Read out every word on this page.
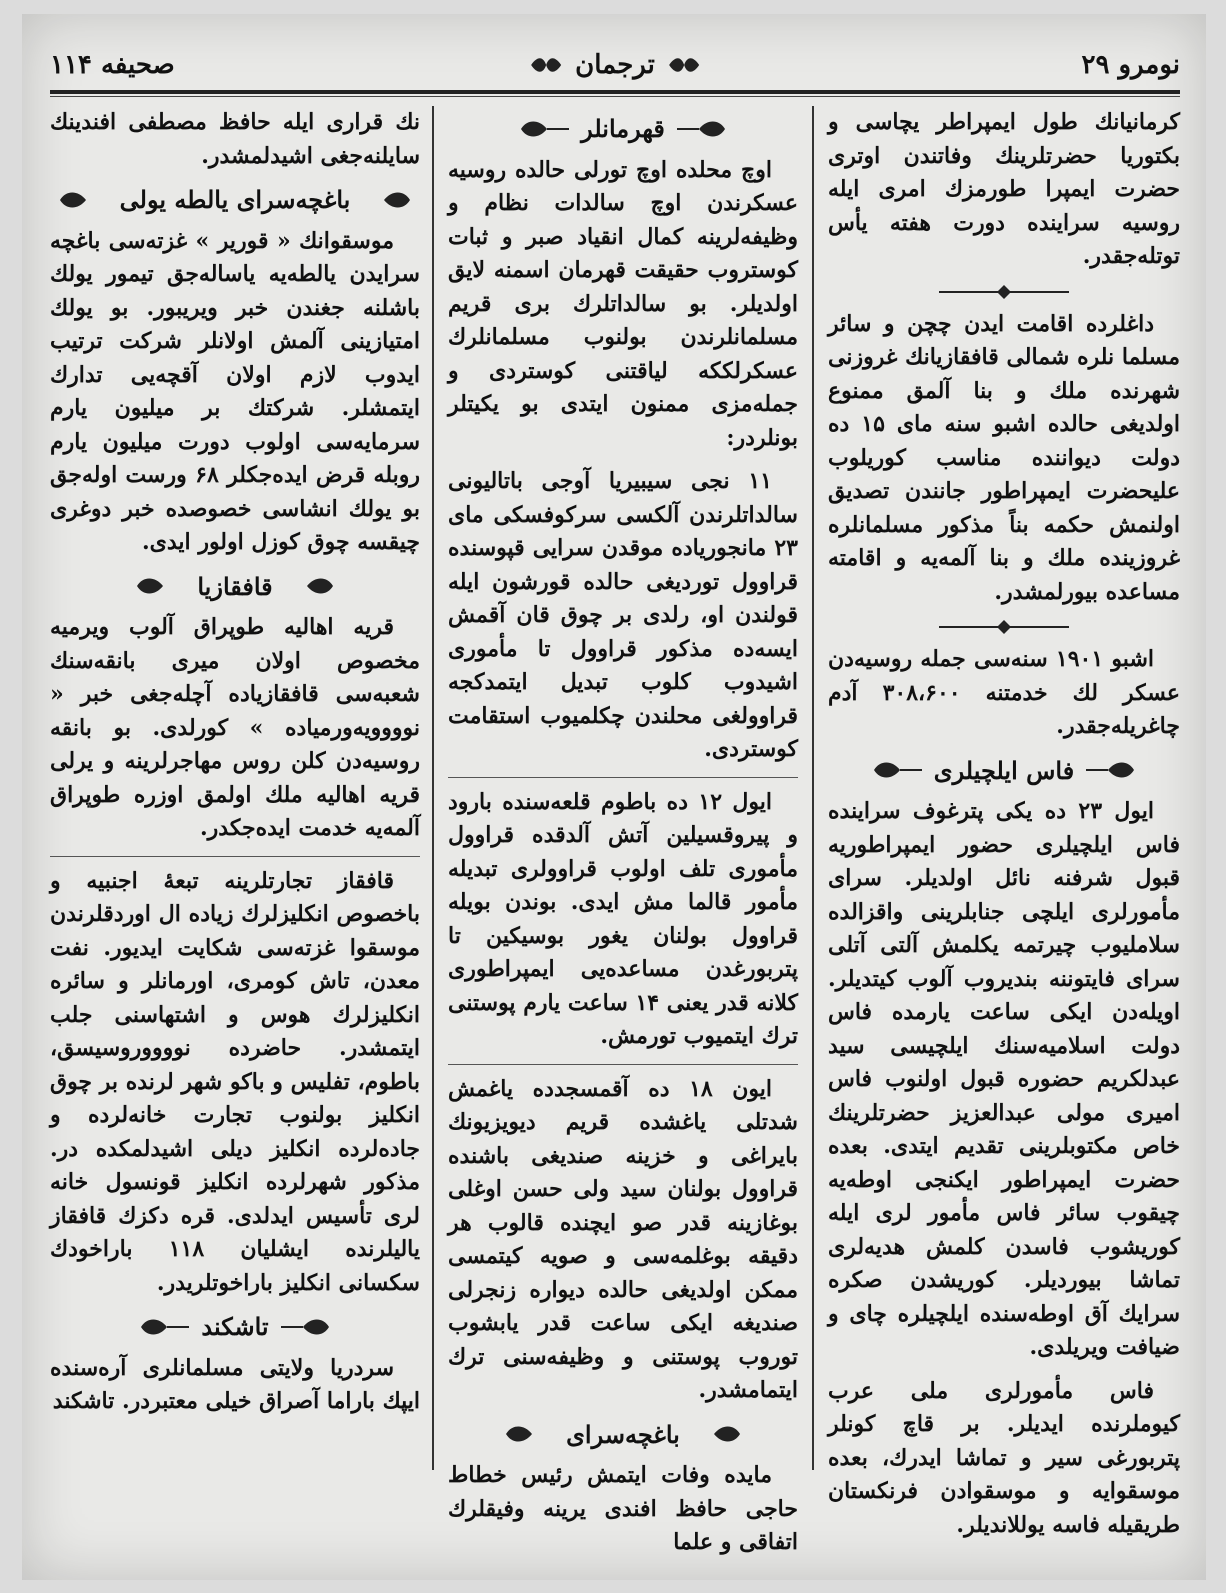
نومرو ۲۹
ترجمان
صحیفه ۱۱۴

كرمانیانك طول ایمپراطر یچاسی و بكتوریا حضرتلرینك وفاتندن اوتری حضرت ایمپرا طورمزك امری ایله روسیه سراینده دورت هفته یأس توتله‌جقدر.

داغلرده اقامت ایدن چچن و سائر مسلما نلره شمالی قافقازیانك غروزنی شهرنده ملك و بنا آلمق ممنوع اولدیغی حالده اشبو سنه مای ۱۵ ده دولت دیواننده مناسب كوریلوب علیحضرت ایمپراطور جانندن تصدیق اولنمش حكمه بناً مذكور مسلمانلره غروزینده ملك و بنا آلمه‌یه و اقامته مساعده بیورلمشدر.

اشبو ۱۹۰۱ سنه‌سی جمله روسیه‌دن عسكر لك خدمتنه ۳۰۸،۶۰۰ آدم چاغریله‌جقدر.

فاس ایلچیلری

ایول ۲۳ ده یكی پترغوف سراینده فاس ایلچیلری حضور ایمپراطوریه قبول شرفنه نائل اولدیلر. سرای مأمورلری ایلچی جنابلرینی واقزالده سلاملیوب چیرتمه یكلمش آلتی آتلی سرای فایتوننه بندیروب آلوب كیتدیلر. اویله‌دن ایكی ساعت یارمده فاس دولت اسلامیه‌سنك ایلچیسی سید عبدلكریم حضوره قبول اولنوب فاس امیری مولی عبدالعزیز حضرتلرینك خاص مكتوبلرینی تقدیم ایتدی. بعده حضرت ایمپراطور ایكنجی اوطه‌یه چیقوب سائر فاس مأمور لری ایله كوریشوب فاسدن كلمش هدیه‌لری تماشا بیوردیلر. كوریشدن صكره سرایك آق اوطه‌سنده ایلچیلره چای و ضیافت ویریلدی.

فاس مأمورلری ملی عرب كیوملرنده ایدیلر. بر قاچ كونلر پتربورغی سیر و تماشا ایدرك، بعده موسقوایه و موسقوادن فرنكستان طریقیله فاسه یوللاندیلر.

قهرمانلر

اوچ محلده اوچ تورلی حالده روسیه عسكرندن اوچ سالدات نظام و وظیفه‌لرینه كمال انقیاد صبر و ثبات كوستروب حقیقت قهرمان اسمنه لایق اولدیلر. بو سالداتلرك بری قریم مسلمانلرندن بولنوب مسلمانلرك عسكرلككه لیاقتنی كوستردی و جمله‌مزی ممنون ایتدی بو یكیتلر بونلردر:

۱۱ نجی سیبیریا آوجی باتالیونی سالداتلرندن آلكسی سركوفسكی مای ۲۳ مانجوریاده موقدن سرایی قپوسنده قراوول توردیغی حالده قورشون ایله قولندن او، رلدی بر چوق قان آقمش ایسه‌ده مذكور قراوول تا مأموری اشیدوب كلوب تبدیل ایتمدكجه قراوولغی محلندن چكلمیوب استقامت كوستردی.

ایول ۱۲ ده باطوم قلعه‌سنده بارود و پیروقسیلین آتش آلدقده قراوول مأموری تلف اولوب قراوولری تبدیله مأمور قالما مش ایدی. بوندن بویله قراوول بولنان یغور بوسیكین تا پتربورغدن مساعده‌یی ایمپراطوری كلانه قدر یعنی ۱۴ ساعت یارم پوستنی ترك ایتمیوب تورمش.

ایون ۱۸ ده آقمسجدده یاغمش شدتلی یاغشده قریم دیویزیونك بایراغی و خزینه صندیغی باشنده قراوول بولنان سید ولی حسن اوغلی بوغازینه قدر صو ایچنده قالوب هر دقیقه بوغلمه‌سی و صویه كیتمسی ممكن اولدیغی حالده دیواره زنجرلی صندیغه ایكی ساعت قدر یابشوب توروب پوستنی و وظیفه‌سنی ترك ایتمامشدر.

باغچه‌سرای

مایده وفات ایتمش رئیس خطاط حاجی حافظ افندی یرینه وفیقلرك اتفاقی و علما

نك قراری ایله حافظ مصطفی افندینك سایلنه‌جغی اشیدلمشدر.

باغچه‌سرای یالطه یولی

موسقوانك « قوریر » غزته‌سی باغچه سرایدن یالطه‌یه یاساله‌جق تیمور یولك باشلنه جغندن خبر ویریبور. بو یولك امتیازینی آلمش اولانلر شركت ترتیب ایدوب لازم اولان آقچه‌یی تدارك ایتمشلر. شركتك بر میلیون یارم سرمایه‌سی اولوب دورت میلیون یارم روبله قرض ایده‌جكلر ۶۸ ورست اوله‌جق بو یولك انشاسی خصوصده خبر دوغری چیقسه چوق كوزل اولور ایدی.

قافقازیا

قریه اهالیه طوپراق آلوب ویرمیه مخصوص اولان میری بانقه‌سنك شعبه‌سی قافقازیاده آچله‌جغی خبر « نوووویه‌ورمیاده » كورلدی. بو بانقه روسیه‌دن كلن روس مهاجرلرینه و یرلی قریه اهالیه ملك اولمق اوزره طوپراق آلمه‌یه خدمت ایده‌جكدر.

قافقاز تجارتلرینه تبعهٔ اجنبیه و باخصوص انكلیزلرك زیاده ال اوردقلرندن موسقوا غزته‌سی شكایت ایدیور. نفت معدن، تاش كومری، اورمانلر و سائره انكلیزلرك هوس و اشتهاسنی جلب ایتمشدر. حاضرده نووووروسیسق، باطوم، تفلیس و باكو شهر لرنده بر چوق انكلیز بولنوب تجارت خانه‌لرده و جاده‌لرده انكلیز دیلی اشیدلمكده در. مذكور شهرلرده انكلیز قونسول خانه لری تأسیس ایدلدی. قره دكزك قافقاز یالیلرنده ایشلیان ۱۱۸ باراخودك سكسانی انكلیز باراخوتلریدر.

تاشكند

سردریا ولایتی مسلمانلری آره‌سنده ایپك باراما آصراق خیلی معتبردر. تاشكند
